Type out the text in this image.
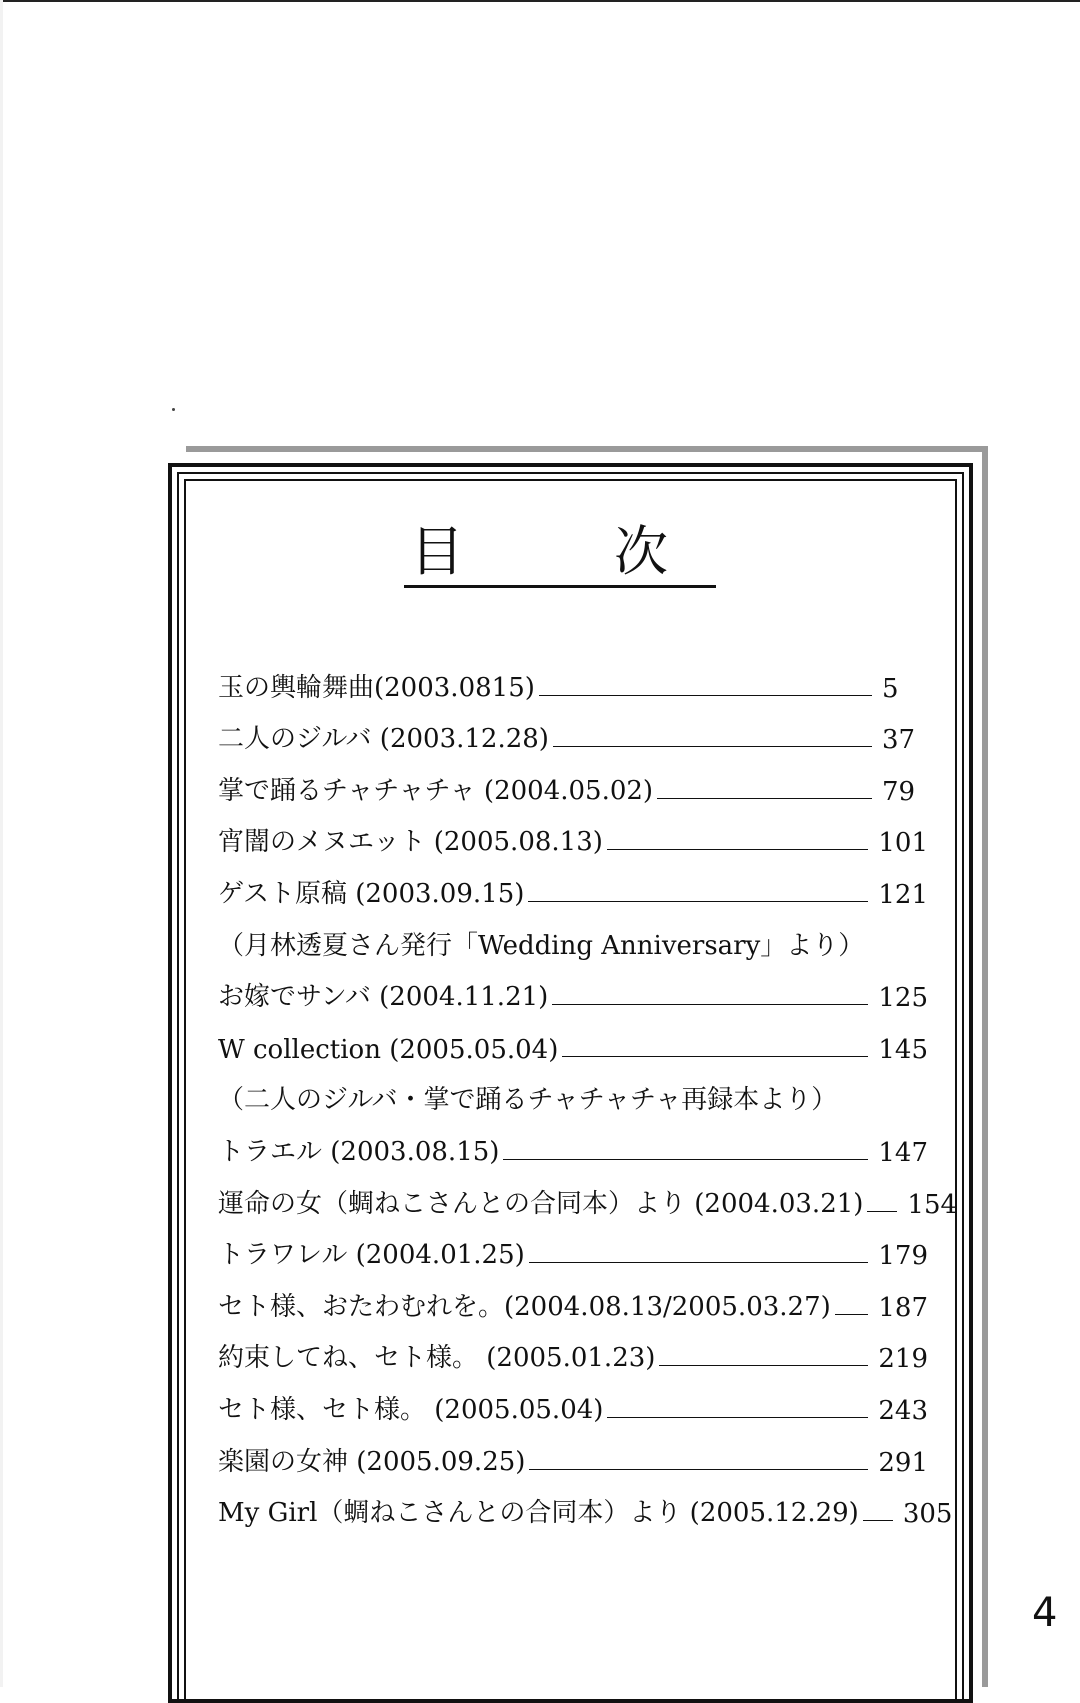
目　次
玉の輿輪舞曲(2003.0815)	5
二人のジルバ (2003.12.28)	37
掌で踊るチャチャチャ (2004.05.02)	79
宵闇のメヌエット (2005.08.13)	101
ゲスト原稿 (2003.09.15)	121
（月林透夏さん発行「Wedding Anniversary」より）
お嫁でサンバ (2004.11.21)	125
W collection (2005.05.04)	145
（二人のジルバ・掌で踊るチャチャチャ再録本より）
トラエル (2003.08.15)	147
運命の女（蜩ねこさんとの合同本）より (2004.03.21) 154
トラワレル (2004.01.25)	179
セト様、おたわむれを。(2004.08.13/2005.03.27) 187
約束してね、セト様。 (2005.01.23)	219
セト様、セト様。 (2005.05.04)	243
楽園の女神 (2005.09.25)	291
My Girl（蜩ねこさんとの合同本）より (2005.12.29) 305
4
